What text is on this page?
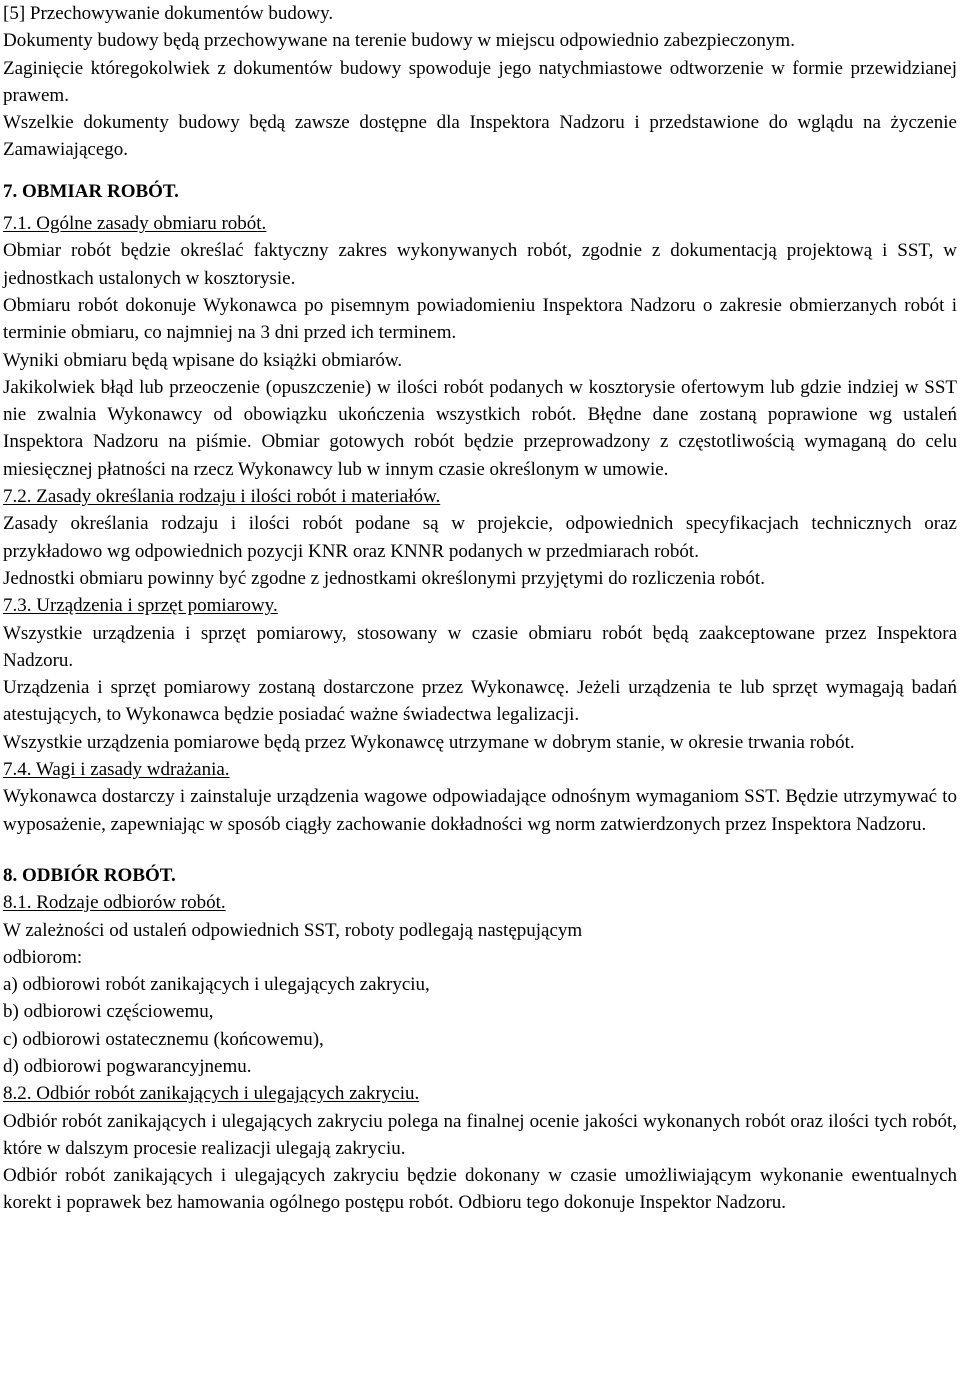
[5] Przechowywanie dokumentów budowy.
Dokumenty budowy będą przechowywane na terenie budowy w miejscu odpowiednio zabezpieczonym.
Zaginięcie któregokolwiek z dokumentów budowy spowoduje jego natychmiastowe odtworzenie w formie przewidzianej prawem.
Wszelkie dokumenty budowy będą zawsze dostępne dla Inspektora Nadzoru i przedstawione do wglądu na życzenie Zamawiającego.
7. OBMIAR ROBÓT.
7.1. Ogólne zasady obmiaru robót.
Obmiar robót będzie określać faktyczny zakres wykonywanych robót, zgodnie z dokumentacją projektową i SST, w jednostkach ustalonych w kosztorysie.
Obmiaru robót dokonuje Wykonawca po pisemnym powiadomieniu Inspektora Nadzoru o zakresie obmierzanych robót i terminie obmiaru, co najmniej na 3 dni przed ich terminem.
Wyniki obmiaru będą wpisane do książki obmiarów.
Jakikolwiek błąd lub przeoczenie (opuszczenie) w ilości robót podanych w kosztorysie ofertowym lub gdzie indziej w SST nie zwalnia Wykonawcy od obowiązku ukończenia wszystkich robót. Błędne dane zostaną poprawione wg ustaleń Inspektora Nadzoru na piśmie. Obmiar gotowych robót będzie przeprowadzony z częstotliwością wymaganą do celu miesięcznej płatności na rzecz Wykonawcy lub w innym czasie określonym w umowie.
7.2. Zasady określania rodzaju i ilości robót i materiałów.
Zasady określania rodzaju i ilości robót podane są w projekcie, odpowiednich specyfikacjach technicznych oraz przykładowo wg odpowiednich pozycji KNR oraz KNNR podanych w przedmiarach robót.
Jednostki obmiaru powinny być zgodne z jednostkami określonymi przyjętymi do rozliczenia robót.
7.3. Urządzenia i sprzęt pomiarowy.
Wszystkie urządzenia i sprzęt pomiarowy, stosowany w czasie obmiaru robót będą zaakceptowane przez Inspektora Nadzoru.
Urządzenia i sprzęt pomiarowy zostaną dostarczone przez Wykonawcę. Jeżeli urządzenia te lub sprzęt wymagają badań atestujących, to Wykonawca będzie posiadać ważne świadectwa legalizacji.
Wszystkie urządzenia pomiarowe będą przez Wykonawcę utrzymane w dobrym stanie, w okresie trwania robót.
7.4. Wagi i zasady wdrażania.
Wykonawca dostarczy i zainstaluje urządzenia wagowe odpowiadające odnośnym wymaganiom SST. Będzie utrzymywać to wyposażenie, zapewniając w sposób ciągły zachowanie dokładności wg norm zatwierdzonych przez Inspektora Nadzoru.
8. ODBIÓR ROBÓT.
8.1. Rodzaje odbiorów robót.
W zależności od ustaleń odpowiednich SST, roboty podlegają następującym
odbiorom:
a) odbiorowi robót zanikających i ulegających zakryciu,
b) odbiorowi częściowemu,
c) odbiorowi ostatecznemu (końcowemu),
d) odbiorowi pogwarancyjnemu.
8.2. Odbiór robót zanikających i ulegających zakryciu.
Odbiór robót zanikających i ulegających zakryciu polega na finalnej ocenie jakości wykonanych robót oraz ilości tych robót, które w dalszym procesie realizacji ulegają zakryciu.
Odbiór robót zanikających i ulegających zakryciu będzie dokonany w czasie umożliwiającym wykonanie ewentualnych korekt i poprawek bez hamowania ogólnego postępu robót. Odbioru tego dokonuje Inspektor Nadzoru.
